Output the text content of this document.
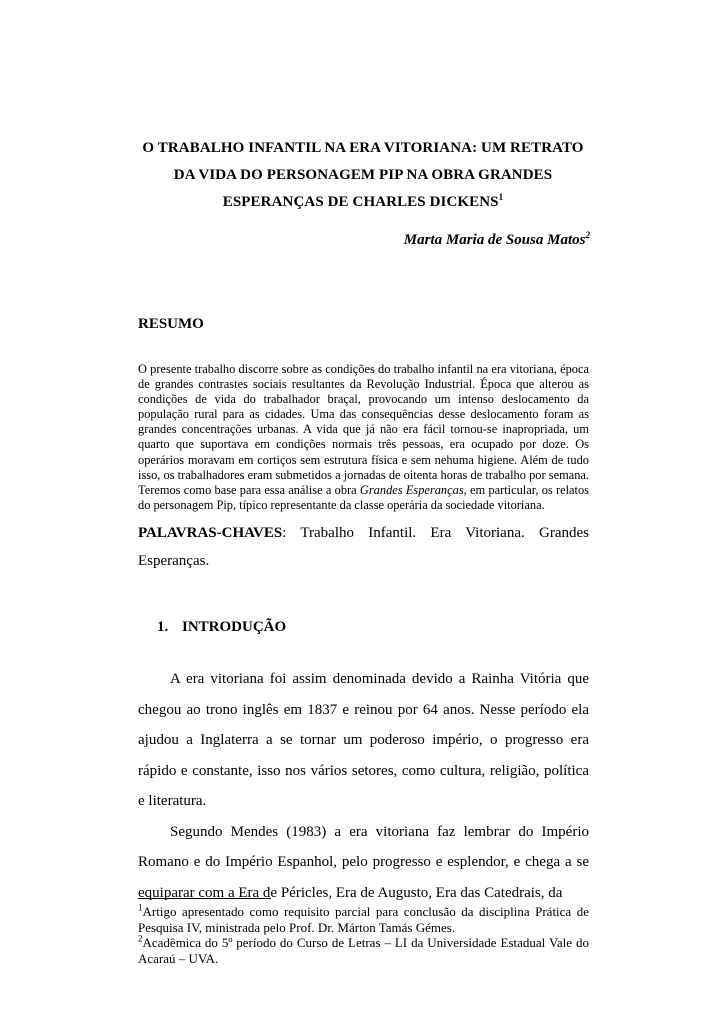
O TRABALHO INFANTIL NA ERA VITORIANA: UM RETRATO
DA VIDA DO PERSONAGEM PIP NA OBRA GRANDES
ESPERANÇAS DE CHARLES DICKENS$^1$
Marta Maria de Sousa Matos$^2$
RESUMO
O presente trabalho discorre sobre as condições do trabalho infantil na era vitoriana, época de grandes contrastes sociais resultantes da Revolução Industrial. Época que alterou as condições de vida do trabalhador braçal, provocando um intenso deslocamento da população rural para as cidades. Uma das consequências desse deslocamento foram as grandes concentrações urbanas. A vida que já não era fácil tornou-se inapropriada, um quarto que suportava em condições normais três pessoas, era ocupado por doze. Os operários moravam em cortiços sem estrutura física e sem nehuma higiene. Além de tudo isso, os trabalhadores eram submetidos a jornadas de oitenta horas de trabalho por semana. Teremos como base para essa análise a obra Grandes Esperanças, em particular, os relatos do personagem Pip, típico representante da classe operária da sociedade vitoriana.
PALAVRAS-CHAVES: Trabalho Infantil. Era Vitoriana. Grandes Esperanças.
1. INTRODUÇÃO

A era vitoriana foi assim denominada devido a Rainha Vitória que chegou ao trono inglês em 1837 e reinou por 64 anos. Nesse período ela ajudou a Inglaterra a se tornar um poderoso império, o progresso era rápido e constante, isso nos vários setores, como cultura, religião, política e literatura.

Segundo Mendes (1983) a era vitoriana faz lembrar do Império Romano e do Império Espanhol, pelo progresso e esplendor, e chega a se equiparar com a Era de Péricles, Era de Augusto, Era das Catedrais, da

$^1$Artigo apresentado como requisito parcial para conclusão da disciplina Prática de Pesquisa IV, ministrada pelo Prof. Dr. Márton Tamás Gémes.

$^2$Acadêmica do 5º período do Curso de Letras – LI da Universidade Estadual Vale do Acaraú – UVA.
